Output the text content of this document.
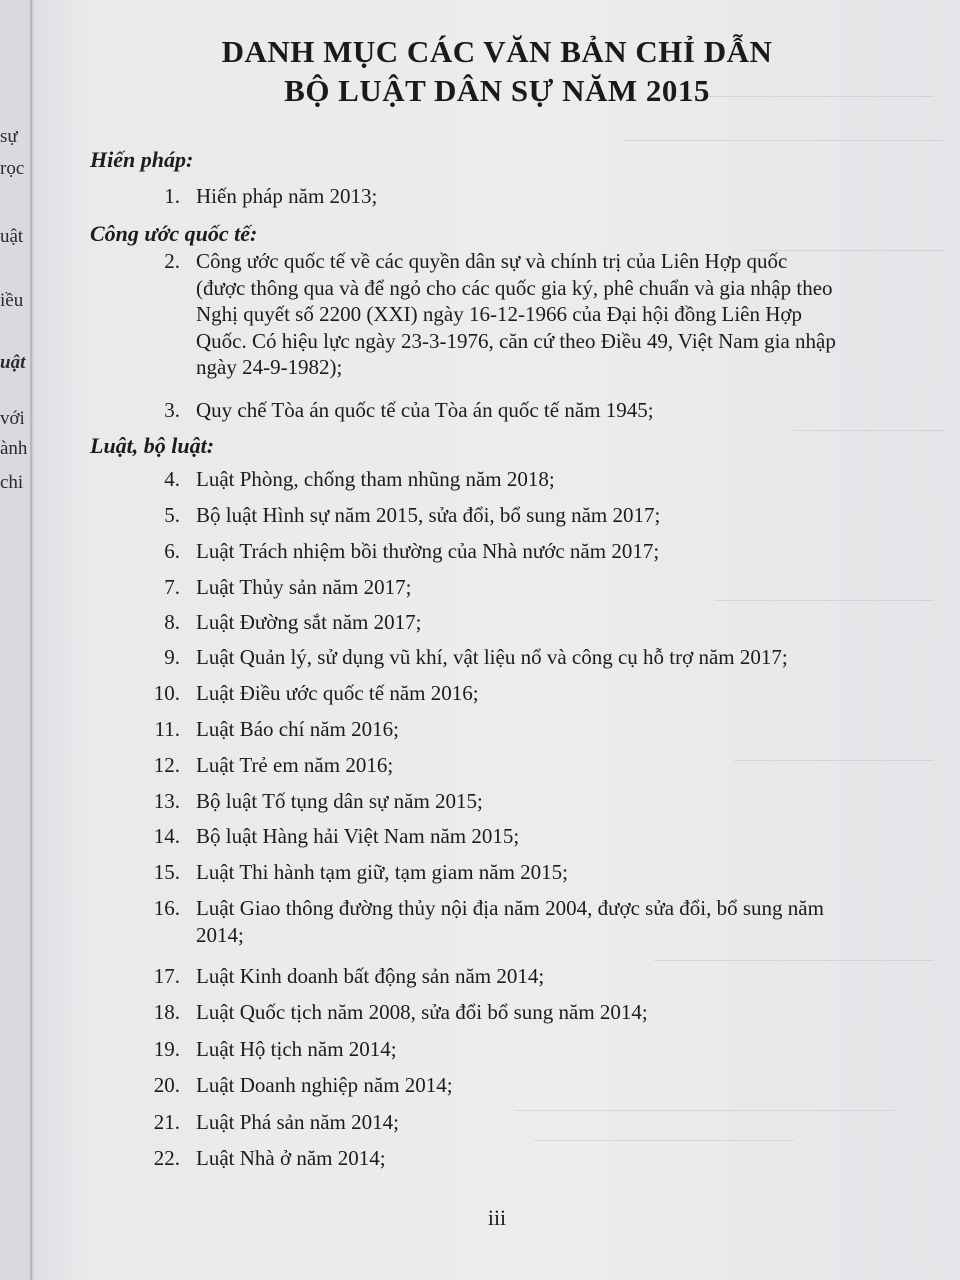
sự
rọc
uật
iều
uật
với
ành
chi
DANH MỤC CÁC VĂN BẢN CHỈ DẪN
BỘ LUẬT DÂN SỰ NĂM 2015
Hiến pháp:
1. Hiến pháp năm 2013;
Công ước quốc tế:
2. Công ước quốc tế về các quyền dân sự và chính trị của Liên Hợp quốc
(được thông qua và để ngỏ cho các quốc gia ký, phê chuẩn và gia nhập theo
Nghị quyết số 2200 (XXI) ngày 16-12-1966 của Đại hội đồng Liên Hợp
Quốc. Có hiệu lực ngày 23-3-1976, căn cứ theo Điều 49, Việt Nam gia nhập
ngày 24-9-1982);
3. Quy chế Tòa án quốc tế của Tòa án quốc tế năm 1945;
Luật, bộ luật:
4. Luật Phòng, chống tham nhũng năm 2018;
5. Bộ luật Hình sự năm 2015, sửa đổi, bổ sung năm 2017;
6. Luật Trách nhiệm bồi thường của Nhà nước năm 2017;
7. Luật Thủy sản năm 2017;
8. Luật Đường sắt năm 2017;
9. Luật Quản lý, sử dụng vũ khí, vật liệu nổ và công cụ hỗ trợ năm 2017;
10. Luật Điều ước quốc tế năm 2016;
11. Luật Báo chí năm 2016;
12. Luật Trẻ em năm 2016;
13. Bộ luật Tố tụng dân sự năm 2015;
14. Bộ luật Hàng hải Việt Nam năm 2015;
15. Luật Thi hành tạm giữ, tạm giam năm 2015;
16. Luật Giao thông đường thủy nội địa năm 2004, được sửa đổi, bổ sung năm
2014;
17. Luật Kinh doanh bất động sản năm 2014;
18. Luật Quốc tịch năm 2008, sửa đổi bổ sung năm 2014;
19. Luật Hộ tịch năm 2014;
20. Luật Doanh nghiệp năm 2014;
21. Luật Phá sản năm 2014;
22. Luật Nhà ở năm 2014;
iii
